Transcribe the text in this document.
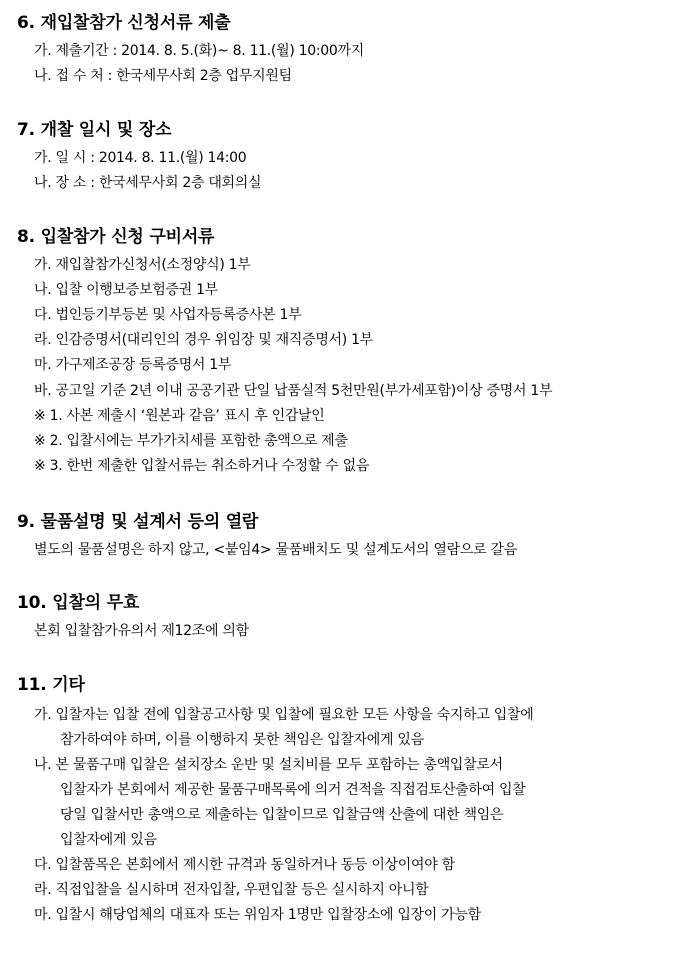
6. 재입찰참가 신청서류 제출
가. 제출기간 : 2014. 8. 5.(화)~ 8. 11.(월) 10:00까지
나. 접 수 처 : 한국세무사회 2층 업무지원팀
7. 개찰 일시 및 장소
가. 일 시 : 2014. 8. 11.(월) 14:00
나. 장 소 : 한국세무사회 2층 대회의실
8. 입찰참가 신청 구비서류
가. 재입찰참가신청서(소정양식) 1부
나. 입찰 이행보증보험증권 1부
다. 법인등기부등본 및 사업자등록증사본 1부
라. 인감증명서(대리인의 경우 위임장 및 재직증명서) 1부
마. 가구제조공장 등록증명서 1부
바. 공고일 기준 2년 이내 공공기관 단일 납품실적 5천만원(부가세포함)이상 증명서 1부
※ 1. 사본 제출시 ‘원본과 같음’ 표시 후 인감날인
※ 2. 입찰시에는 부가가치세를 포함한 총액으로 제출
※ 3. 한번 제출한 입찰서류는 취소하거나 수정할 수 없음
9. 물품설명 및 설계서 등의 열람
별도의 물품설명은 하지 않고, <붙임4> 물품배치도 및 설계도서의 열람으로 갈음
10. 입찰의 무효
본회 입찰참가유의서 제12조에 의함
11. 기타
가. 입찰자는 입찰 전에 입찰공고사항 및 입찰에 필요한 모든 사항을 숙지하고 입찰에
참가하여야 하며, 이를 이행하지 못한 책임은 입찰자에게 있음
나. 본 물품구매 입찰은 설치장소 운반 및 설치비를 모두 포함하는 총액입찰로서
입찰자가 본회에서 제공한 물품구매목록에 의거 견적을 직접검토산출하여 입찰
당일 입찰서만 총액으로 제출하는 입찰이므로 입찰금액 산출에 대한 책임은
입찰자에게 있음
다. 입찰품목은 본회에서 제시한 규격과 동일하거나 동등 이상이여야 함
라. 직접입찰을 실시하며 전자입찰, 우편입찰 등은 실시하지 아니함
마. 입찰시 해당업체의 대표자 또는 위임자 1명만 입찰장소에 입장이 가능함
